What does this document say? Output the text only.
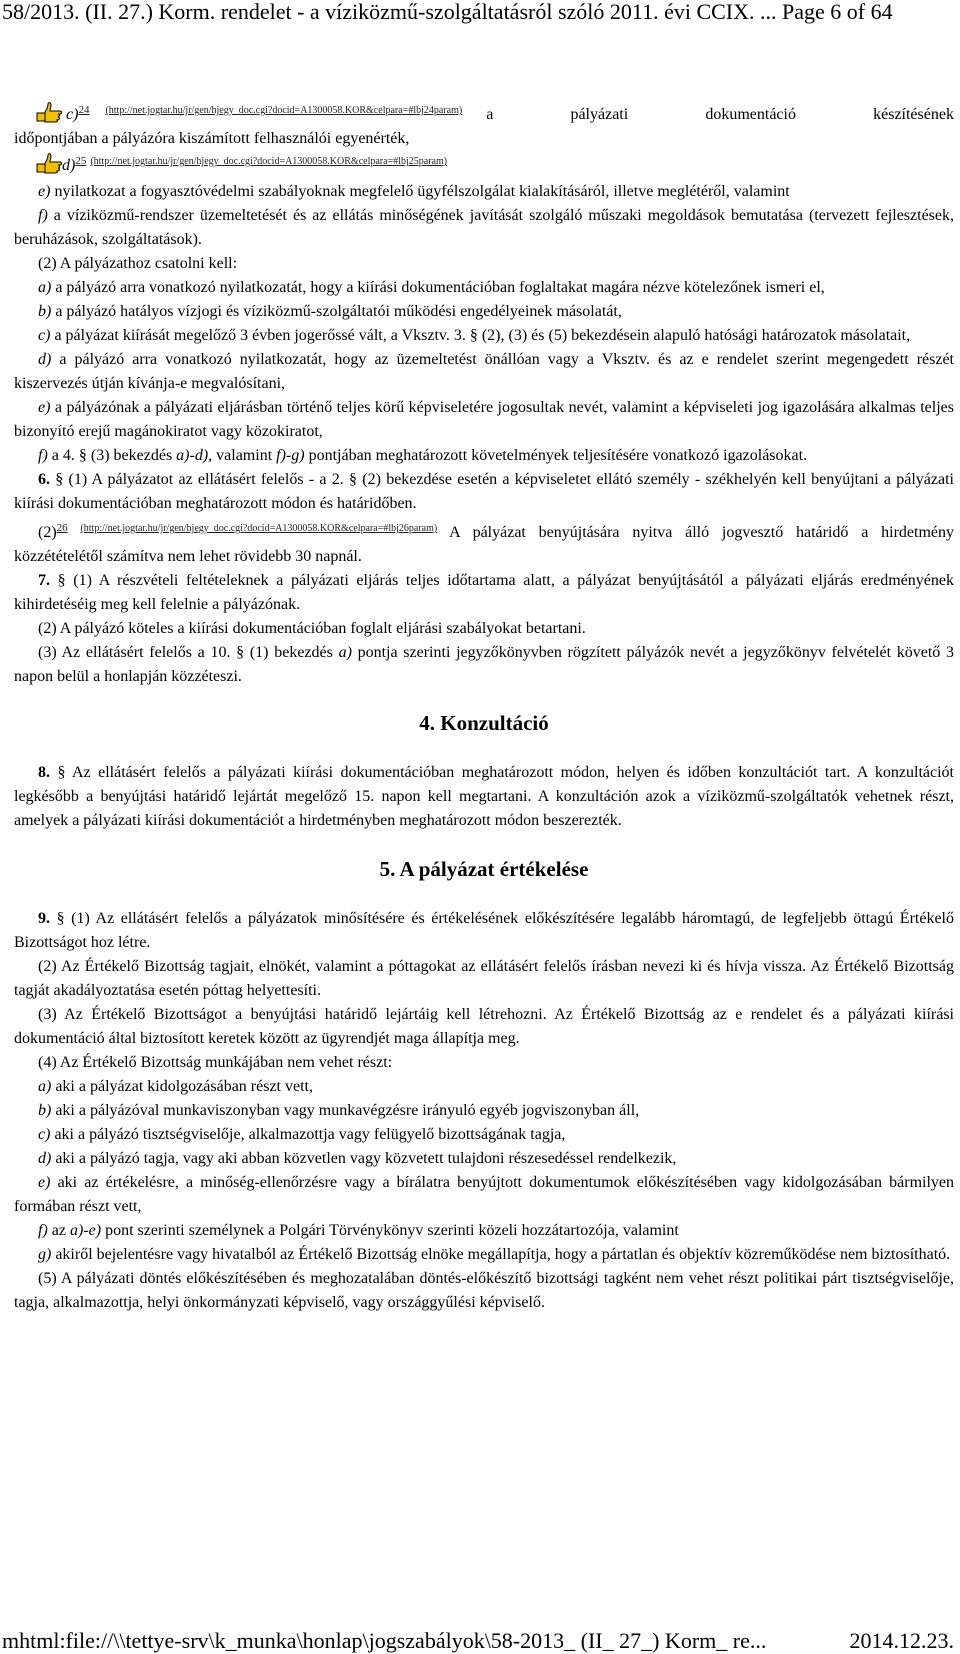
58/2013. (II. 27.) Korm. rendelet - a víziközmű-szolgáltatásról szóló 2011. évi CCIX. ... Page 6 of 64
c)$^{24}$ $^{(http://net.jogtar.hu/jr/gen/hjegy\_doc.cgi?docid=A1300058.KOR\&celpara=\#lbj24param)}$ a	pályázati	dokumentáció	készítésének

időpontjában a pályázóra kiszámított felhasználói egyenérték,

d)$^{25}$ $^{(http://net.jogtar.hu/jr/gen/hjegy\_doc.cgi?docid=A1300058.KOR\&celpara=\#lbj25param)}$

e) nyilatkozat a fogyasztóvédelmi szabályoknak megfelelő ügyfélszolgálat kialakításáról, illetve meglétéről, valamint

f) a víziközmű-rendszer üzemeltetését és az ellátás minőségének javítását szolgáló műszaki megoldások bemutatása (tervezett fejlesztések, beruházások, szolgáltatások).

(2) A pályázathoz csatolni kell:

a) a pályázó arra vonatkozó nyilatkozatát, hogy a kiírási dokumentációban foglaltakat magára nézve kötelezőnek ismeri el,

b) a pályázó hatályos vízjogi és víziközmű-szolgáltatói működési engedélyeinek másolatát,

c) a pályázat kiírását megelőző 3 évben jogerőssé vált, a Vksztv. 3. § (2), (3) és (5) bekezdésein alapuló hatósági határozatok másolatait,

d) a pályázó arra vonatkozó nyilatkozatát, hogy az üzemeltetést önállóan vagy a Vksztv. és az e rendelet szerint megengedett részét kiszervezés útján kívánja-e megvalósítani,

e) a pályázónak a pályázati eljárásban történő teljes körű képviseletére jogosultak nevét, valamint a képviseleti jog igazolására alkalmas teljes bizonyító erejű magánokiratot vagy közokiratot,

f) a 4. § (3) bekezdés a)-d), valamint f)-g) pontjában meghatározott követelmények teljesítésére vonatkozó igazolásokat.

6. § (1) A pályázatot az ellátásért felelős - a 2. § (2) bekezdése esetén a képviseletet ellátó személy - székhelyén kell benyújtani a pályázati kiírási dokumentációban meghatározott módon és határidőben.

(2)$^{26}$ $^{(http://net.jogtar.hu/jr/gen/hjegy\_doc.cgi?docid=A1300058.KOR\&celpara=\#lbj26param)}$ A pályázat benyújtására nyitva álló jogvesztő határidő a hirdetmény közzétételétől számítva nem lehet rövidebb 30 napnál.

7. § (1) A részvételi feltételeknek a pályázati eljárás teljes időtartama alatt, a pályázat benyújtásától a pályázati eljárás eredményének kihirdetéséig meg kell felelnie a pályázónak.

(2) A pályázó köteles a kiírási dokumentációban foglalt eljárási szabályokat betartani.

(3) Az ellátásért felelős a 10. § (1) bekezdés a) pontja szerinti jegyzőkönyvben rögzített pályázók nevét a jegyzőkönyv felvételét követő 3 napon belül a honlapján közzéteszi.

4. Konzultáció

8. § Az ellátásért felelős a pályázati kiírási dokumentációban meghatározott módon, helyen és időben konzultációt tart. A konzultációt legkésőbb a benyújtási határidő lejártát megelőző 15. napon kell megtartani. A konzultáción azok a víziközmű-szolgáltatók vehetnek részt, amelyek a pályázati kiírási dokumentációt a hirdetményben meghatározott módon beszerezték.

5. A pályázat értékelése

9. § (1) Az ellátásért felelős a pályázatok minősítésére és értékelésének előkészítésére legalább háromtagú, de legfeljebb öttagú Értékelő Bizottságot hoz létre.

(2) Az Értékelő Bizottság tagjait, elnökét, valamint a póttagokat az ellátásért felelős írásban nevezi ki és hívja vissza. Az Értékelő Bizottság tagját akadályoztatása esetén póttag helyettesíti.

(3) Az Értékelő Bizottságot a benyújtási határidő lejártáig kell létrehozni. Az Értékelő Bizottság az e rendelet és a pályázati kiírási dokumentáció által biztosított keretek között az ügyrendjét maga állapítja meg.

(4) Az Értékelő Bizottság munkájában nem vehet részt:

a) aki a pályázat kidolgozásában részt vett,

b) aki a pályázóval munkaviszonyban vagy munkavégzésre irányuló egyéb jogviszonyban áll,

c) aki a pályázó tisztségviselője, alkalmazottja vagy felügyelő bizottságának tagja,

d) aki a pályázó tagja, vagy aki abban közvetlen vagy közvetett tulajdoni részesedéssel rendelkezik,

e) aki az értékelésre, a minőség-ellenőrzésre vagy a bírálatra benyújtott dokumentumok előkészítésében vagy kidolgozásában bármilyen formában részt vett,

f) az a)-e) pont szerinti személynek a Polgári Törvénykönyv szerinti közeli hozzátartozója, valamint

g) akiről bejelentésre vagy hivatalból az Értékelő Bizottság elnöke megállapítja, hogy a pártatlan és objektív közreműködése nem biztosítható.

(5) A pályázati döntés előkészítésében és meghozatalában döntés-előkészítő bizottsági tagként nem vehet részt politikai párt tisztségviselője, tagja, alkalmazottja, helyi önkormányzati képviselő, vagy országgyűlési képviselő.

mhtml:file://\\tettye-srv\k_munka\honlap\jogszabályok\58-2013_ (II_ 27_) Korm_ re...	2014.12.23.
